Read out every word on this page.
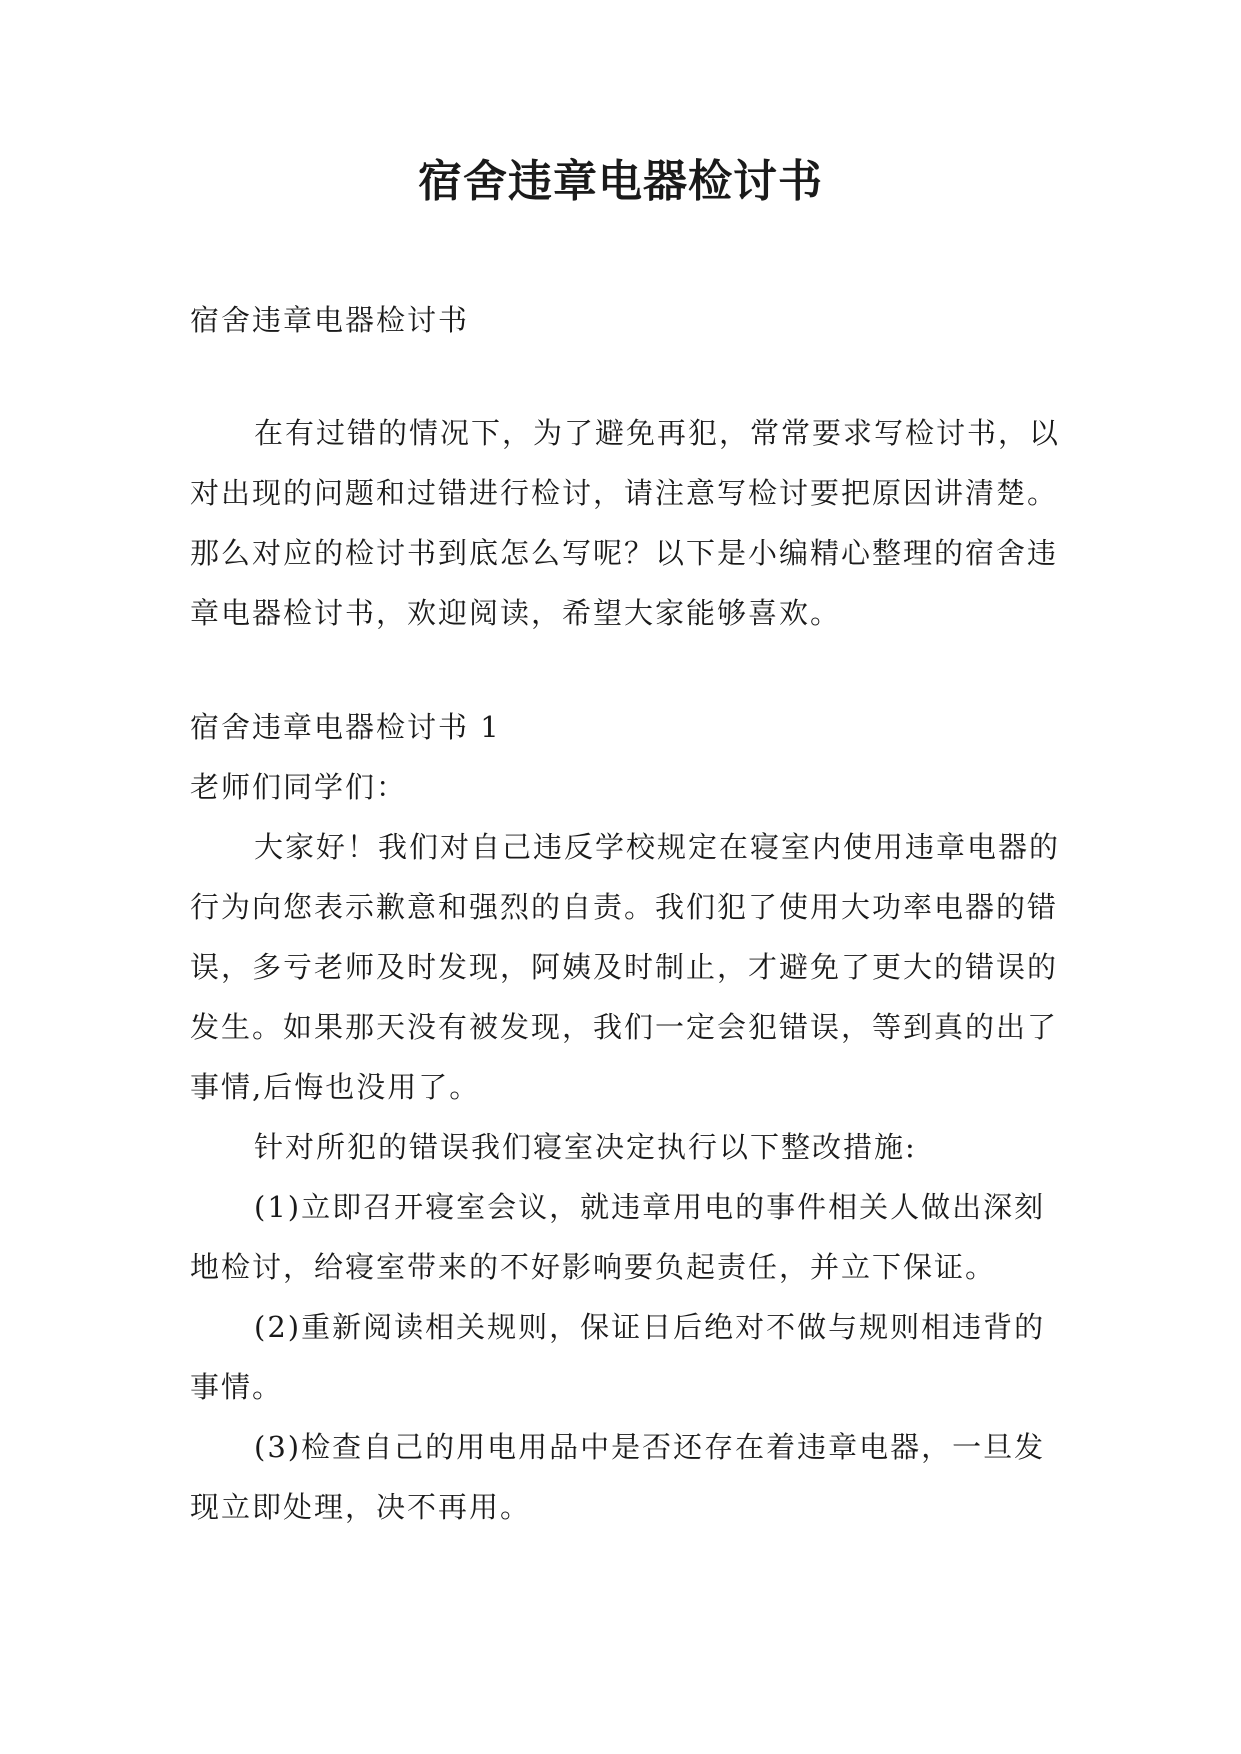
宿舍违章电器检讨书

宿舍违章电器检讨书

在有过错的情况下，为了避免再犯，常常要求写检讨书，以对出现的问题和过错进行检讨，请注意写检讨要把原因讲清楚。那么对应的检讨书到底怎么写呢？以下是小编精心整理的宿舍违章电器检讨书，欢迎阅读，希望大家能够喜欢。

宿舍违章电器检讨书 1

老师们同学们：

大家好！我们对自己违反学校规定在寝室内使用违章电器的行为向您表示歉意和强烈的自责。我们犯了使用大功率电器的错误，多亏老师及时发现，阿姨及时制止，才避免了更大的错误的发生。如果那天没有被发现，我们一定会犯错误，等到真的出了事情,后悔也没用了。

针对所犯的错误我们寝室决定执行以下整改措施:

(1)立即召开寝室会议，就违章用电的事件相关人做出深刻地检讨，给寝室带来的不好影响要负起责任，并立下保证。

(2)重新阅读相关规则，保证日后绝对不做与规则相违背的事情。

(3)检查自己的用电用品中是否还存在着违章电器，一旦发现立即处理，决不再用。
